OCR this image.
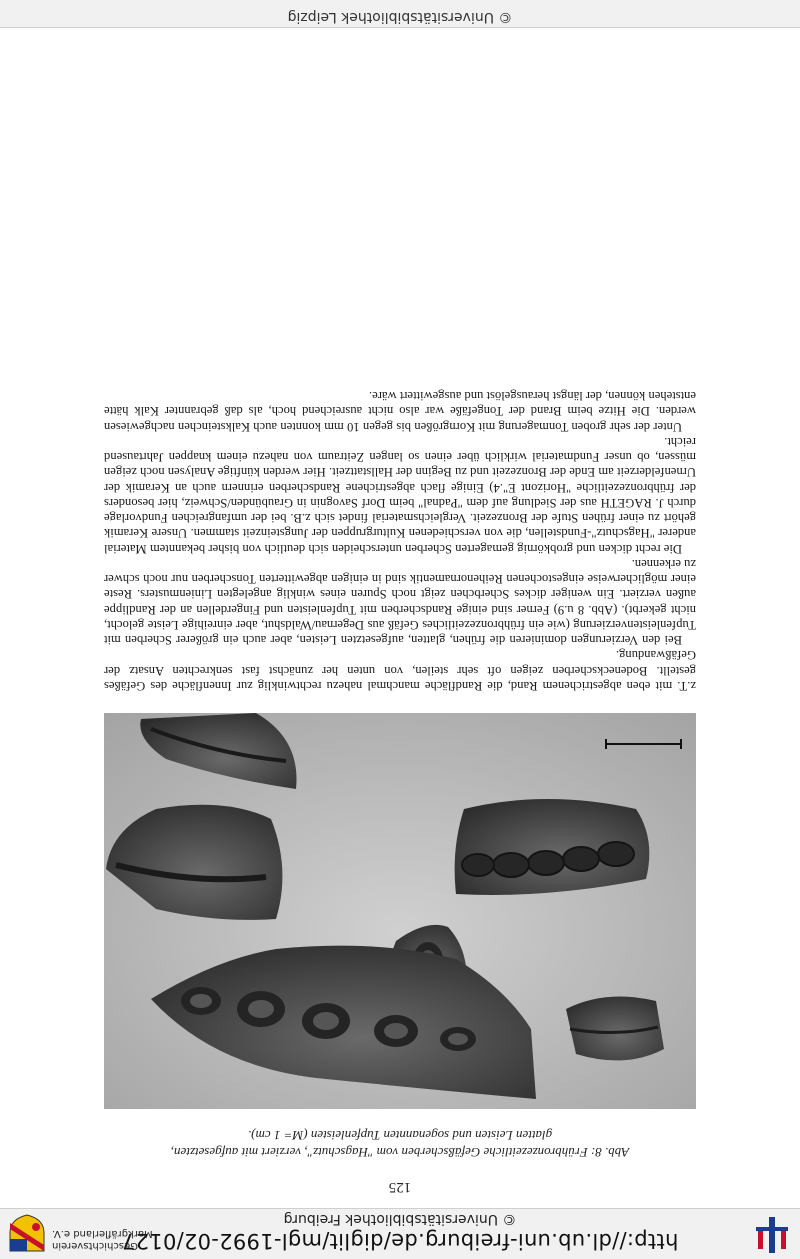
http://dl.ub.uni-freiburg.de/diglit/mgl-1992-02/0127
© Universitätsbibliothek Freiburg
Geschichtsverein
Markgräflerland e.V.
125
Abb. 8: Frühbronzezeitliche Gefäßscherben vom "Hagschutz", verziert mit aufgesetzten,
glatten Leisten und sogenannten Tupfenleisten (M= 1 cm).

z.T. mit eben abgestrichenem Rand, die Randfläche manchmal nahezu rechtwinklig zur Innenfläche des Gefäßes gestellt. Bodeneckscherben zeigen oft sehr steilen, von unten her zunächst fast senkrechten Ansatz der Gefäßwandung.

Bei den Verzierungen dominieren die frühen, glatten, aufgesetzten Leisten, aber auch ein größerer Scherben mit Tupfenleistenverzierung (wie ein frühbronzezeitliches Gefäß aus Degernau/Waldshut, aber einreihige Leiste gelocht, nicht gekerbt). (Abb. 8 u.9) Ferner sind einige Randscherben mit Tupfenleisten und Fingerdellen an der Randlippe außen verziert. Ein weniger dickes Scherbchen zeigt noch Spuren eines winklig angelegten Linienmusters. Reste einer möglicherweise eingestochenen Reihenornamentik sind in einigen abgewitterten Tonscherben nur noch schwer zu erkennen.

Die recht dicken und grobkörnig gemagerten Scherben unterscheiden sich deutlich von bisher bekanntem Material anderer "Hagschutz"-Fundstellen, die von verschiedenen Kulturgruppen der Jungsteinzeit stammen. Unsere Keramik gehört zu einer frühen Stufe der Bronzezeit. Vergleichsmaterial findet sich z.B. bei der umfangreichen Fundvorlage durch J. RAGETH aus der Siedlung auf dem "Padnal" beim Dorf Savognin in Graubünden/Schweiz, hier besonders der frühbronzezeitliche "Horizont E".4) Einige flach abgestrichene Randscherben erinnern auch an Keramik der Urnenfelderzeit am Ende der Bronzezeit und zu Beginn der Hallstattzeit. Hier werden künftige Analysen noch zeigen müssen, ob unser Fundmaterial wirklich über einen so langen Zeitraum von nahezu einem knappen Jahrtausend reicht.

Unter der sehr groben Tonmagerung mit Korngrößen bis gegen 10 mm konnten auch Kalksteinchen nachgewiesen werden. Die Hitze beim Brand der Tongefäße war also nicht ausreichend hoch, als daß gebrannter Kalk hätte entstehen können, der längst herausgelöst und ausgewittert wäre.

© Universitätsbibliothek Leipzig
